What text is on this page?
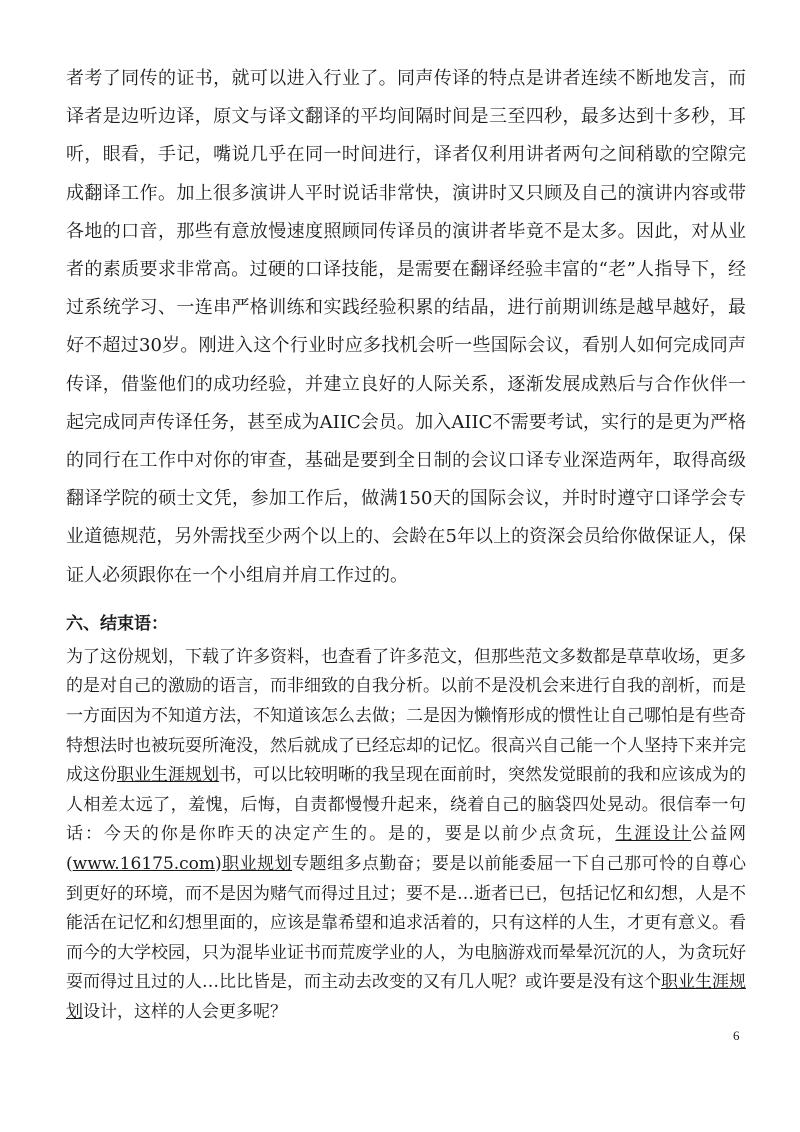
者考了同传的证书，就可以进入行业了。同声传译的特点是讲者连续不断地发言，而译者是边听边译，原文与译文翻译的平均间隔时间是三至四秒，最多达到十多秒，耳听，眼看，手记，嘴说几乎在同一时间进行，译者仅利用讲者两句之间稍歇的空隙完成翻译工作。加上很多演讲人平时说话非常快，演讲时又只顾及自己的演讲内容或带各地的口音，那些有意放慢速度照顾同传译员的演讲者毕竟不是太多。因此，对从业者的素质要求非常高。过硬的口译技能，是需要在翻译经验丰富的“老”人指导下，经过系统学习、一连串严格训练和实践经验积累的结晶，进行前期训练是越早越好，最好不超过30岁。刚进入这个行业时应多找机会听一些国际会议，看别人如何完成同声传译，借鉴他们的成功经验，并建立良好的人际关系，逐渐发展成熟后与合作伙伴一起完成同声传译任务，甚至成为AIIC会员。加入AIIC不需要考试，实行的是更为严格的同行在工作中对你的审查，基础是要到全日制的会议口译专业深造两年，取得高级翻译学院的硕士文凭，参加工作后，做满150天的国际会议，并时时遵守口译学会专业道德规范，另外需找至少两个以上的、会龄在5年以上的资深会员给你做保证人，保证人必须跟你在一个小组肩并肩工作过的。

六、结束语：

为了这份规划，下载了许多资料，也查看了许多范文，但那些范文多数都是草草收场，更多的是对自己的激励的语言，而非细致的自我分析。以前不是没机会来进行自我的剖析，而是一方面因为不知道方法，不知道该怎么去做；二是因为懒惰形成的惯性让自己哪怕是有些奇特想法时也被玩耍所淹没，然后就成了已经忘却的记忆。很高兴自己能一个人坚持下来并完成这份职业生涯规划书，可以比较明晰的我呈现在面前时，突然发觉眼前的我和应该成为的人相差太远了，羞愧，后悔，自责都慢慢升起来，绕着自己的脑袋四处晃动。很信奉一句话：今天的你是你昨天的决定产生的。是的，要是以前少点贪玩，生涯设计公益网(www.16175.com)职业规划专题组多点勤奋；要是以前能委屈一下自己那可怜的自尊心到更好的环境，而不是因为赌气而得过且过；要不是…逝者已已，包括记忆和幻想，人是不能活在记忆和幻想里面的，应该是靠希望和追求活着的，只有这样的人生，才更有意义。看而今的大学校园，只为混毕业证书而荒废学业的人，为电脑游戏而晕晕沉沉的人，为贪玩好耍而得过且过的人…比比皆是，而主动去改变的又有几人呢？或许要是没有这个职业生涯规划设计，这样的人会更多呢？

6
